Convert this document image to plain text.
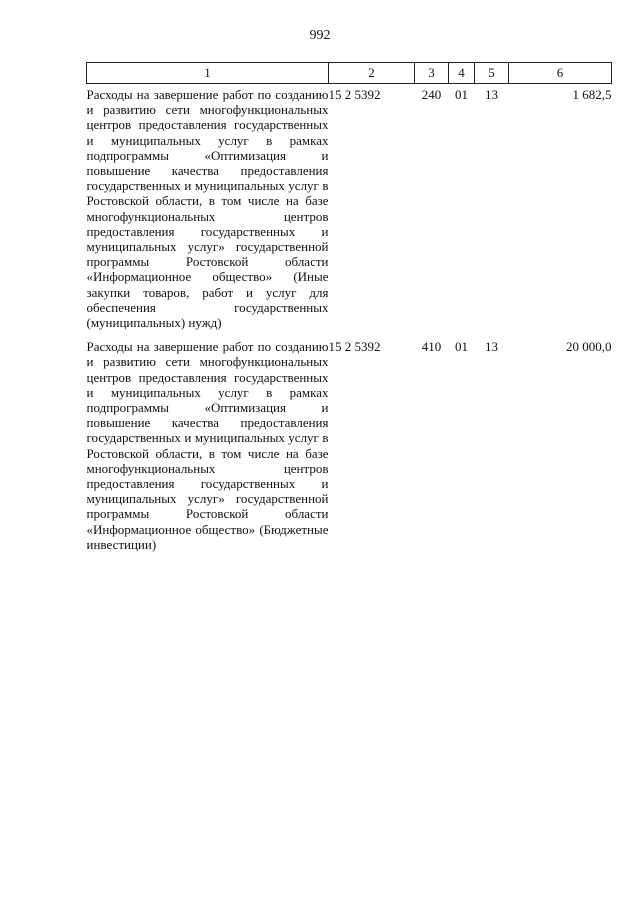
992
1	2	3	4	5	6
Расходы на завершение работ по созданию и развитию сети многофункциональных центров предоставления государственных и муниципальных услуг в рамках подпрограммы «Оптимизация и повышение качества предоставления государственных и муниципальных услуг в Ростовской области, в том числе на базе многофункциональных центров предоставления государственных и муниципальных услуг» государственной программы Ростовской области «Информационное общество» (Иные закупки товаров, работ и услуг для обеспечения государственных (муниципальных) нужд)	15 2 5392	240	01	13	1 682,5

Расходы на завершение работ по созданию и развитию сети многофункциональных центров предоставления государственных и муниципальных услуг в рамках подпрограммы «Оптимизация и повышение качества предоставления государственных и муниципальных услуг в Ростовской области, в том числе на базе многофункциональных центров предоставления государственных и муниципальных услуг» государственной программы Ростовской области «Информационное общество» (Бюджетные инвестиции)	15 2 5392	410	01	13	20 000,0
